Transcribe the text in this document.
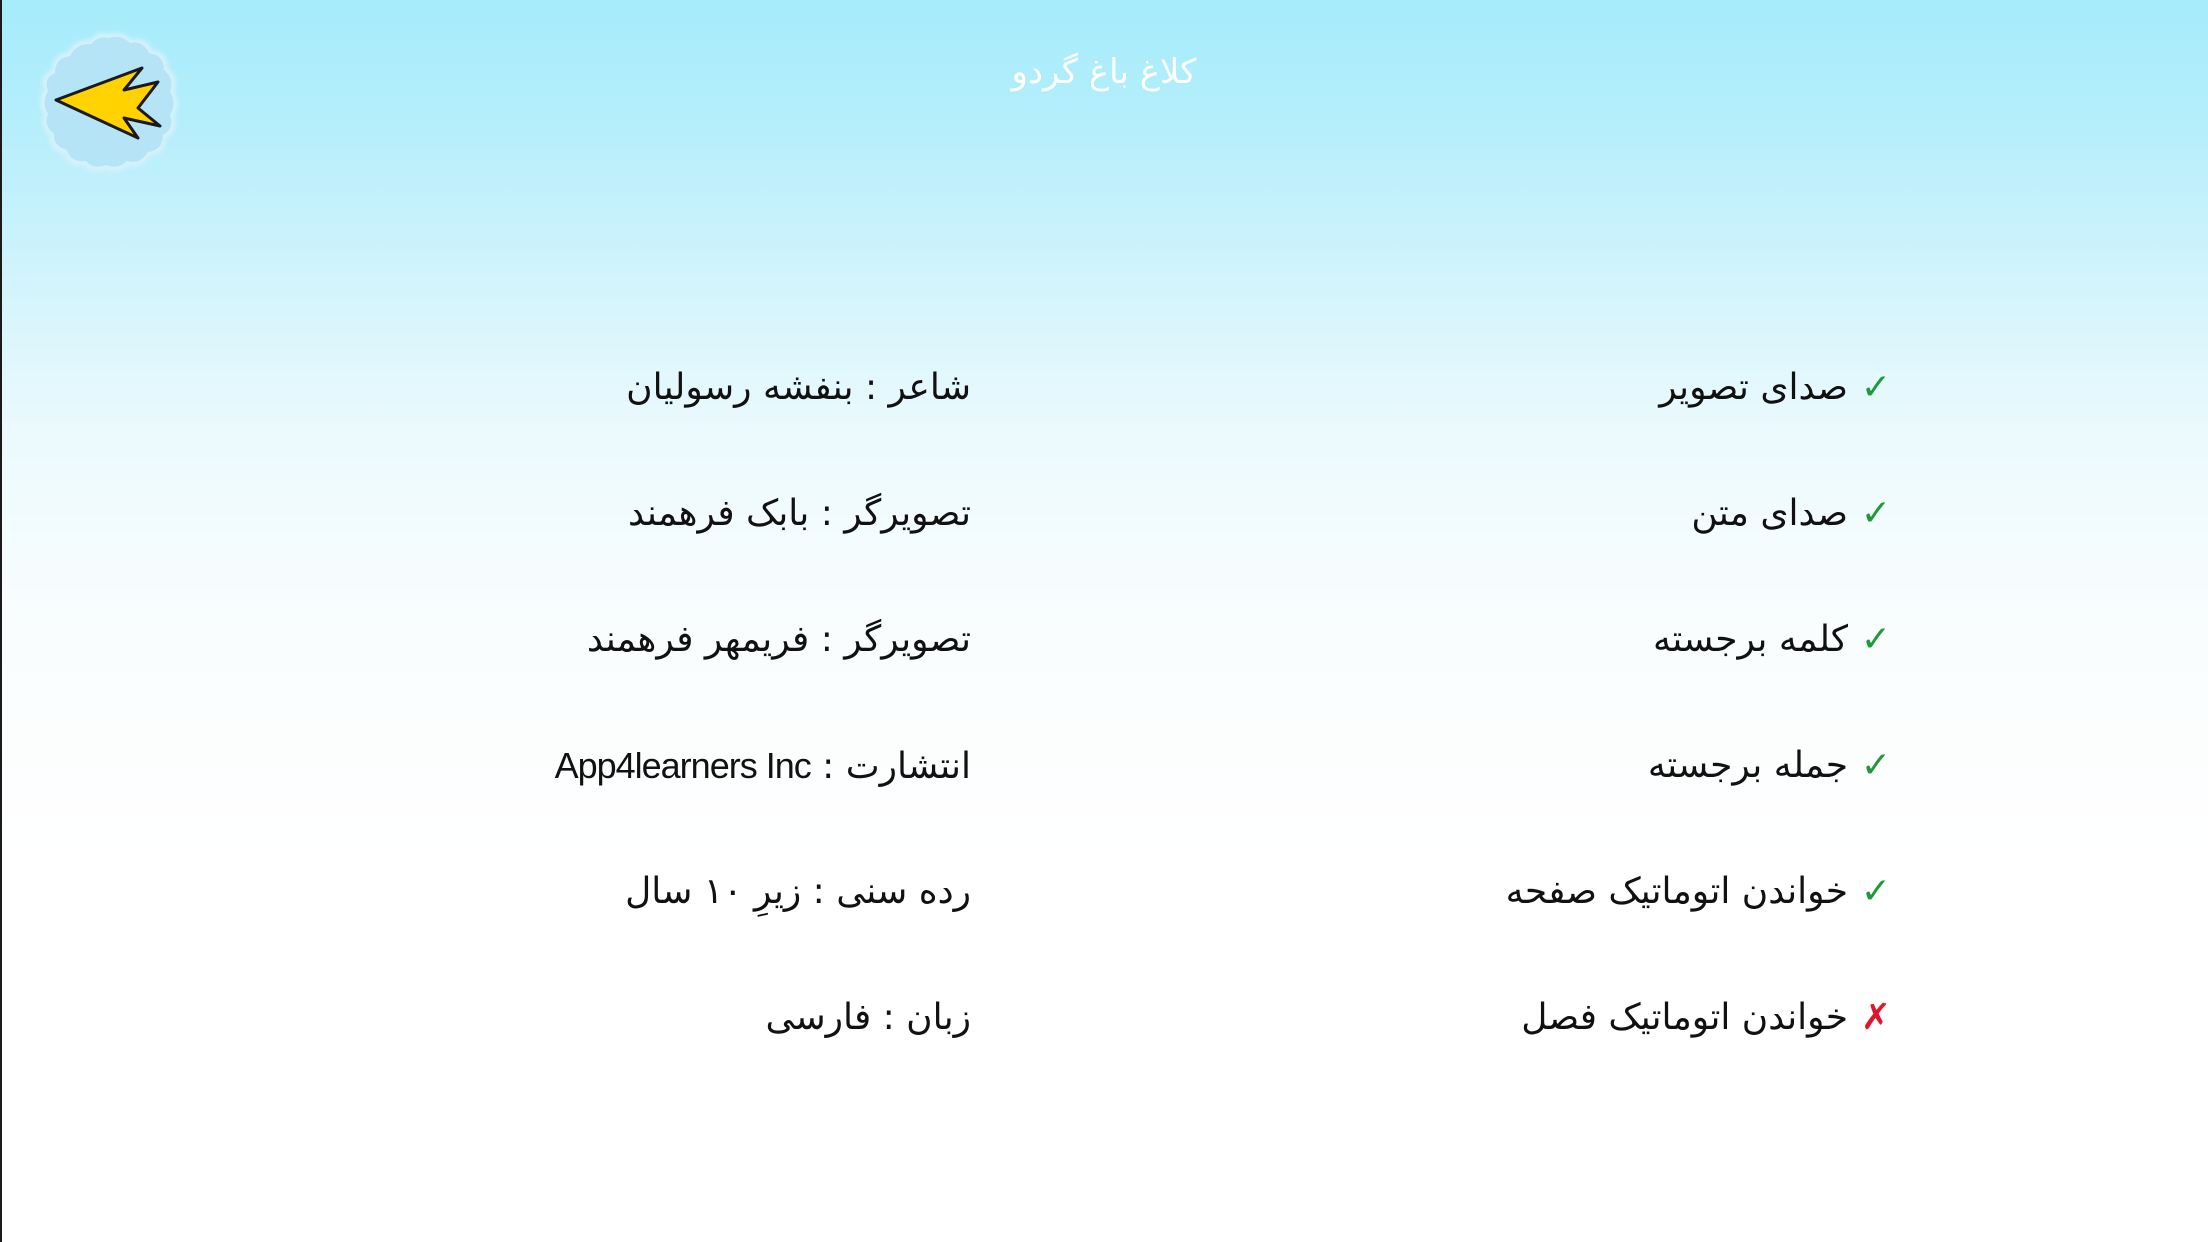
کلاغ باغ گردو
✓
صدای تصویر
✓
صدای متن
✓
کلمه برجسته
✓
جمله برجسته
✓
خواندن اتوماتیک صفحه
✗
خواندن اتوماتیک فصل
شاعر : بنفشه رسولیان
تصویرگر : بابک فرهمند
تصویرگر : فریمهر فرهمند
انتشارت : App4learners Inc
رده سنی : زیرِ ۱۰ سال
زبان : فارسی
